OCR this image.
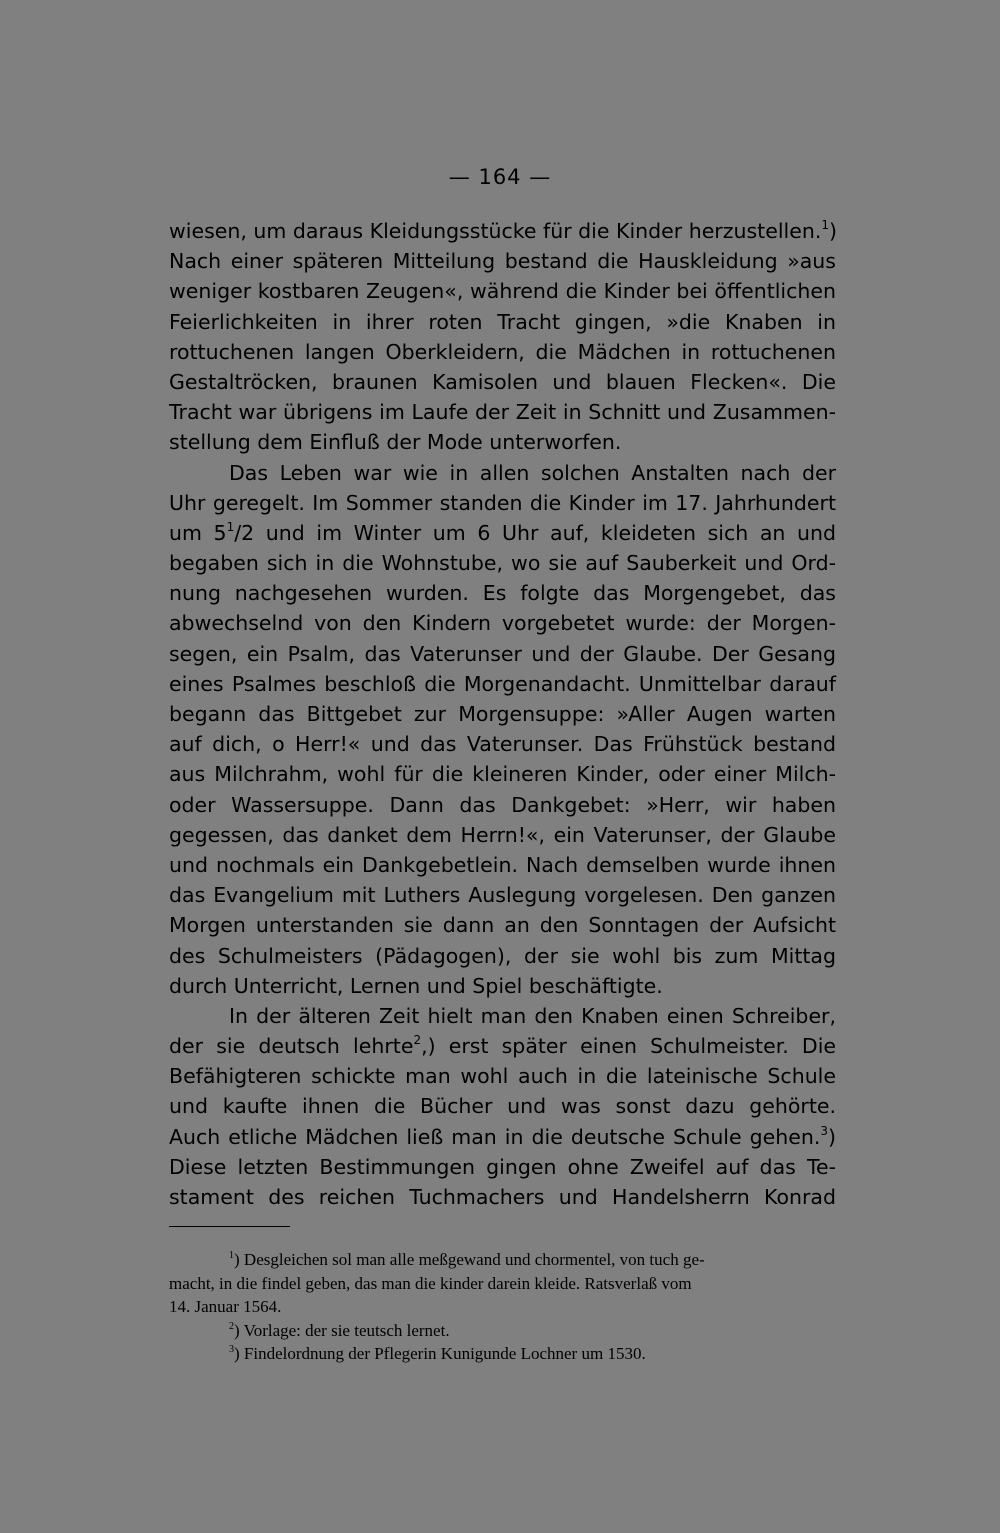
— 164 —
wiesen, um daraus Kleidungsstücke für die Kinder herzustellen.$^1$)
Nach einer späteren Mitteilung bestand die Hauskleidung »aus
weniger kostbaren Zeugen«, während die Kinder bei öffentlichen
Feierlichkeiten in ihrer roten Tracht gingen, »die Knaben in
rottuchenen langen Oberkleidern, die Mädchen in rottuchenen
Gestaltröcken, braunen Kamisolen und blauen Flecken«. Die
Tracht war übrigens im Laufe der Zeit in Schnitt und Zusammen-
stellung dem Einfluß der Mode unterworfen.
Das Leben war wie in allen solchen Anstalten nach der
Uhr geregelt. Im Sommer standen die Kinder im 17. Jahrhundert
um $5^1/2$ und im Winter um 6 Uhr auf, kleideten sich an und
begaben sich in die Wohnstube, wo sie auf Sauberkeit und Ord-
nung nachgesehen wurden. Es folgte das Morgengebet, das
abwechselnd von den Kindern vorgebetet wurde: der Morgen-
segen, ein Psalm, das Vaterunser und der Glaube. Der Gesang
eines Psalmes beschloß die Morgenandacht. Unmittelbar darauf
begann das Bittgebet zur Morgensuppe: »Aller Augen warten
auf dich, o Herr!« und das Vaterunser. Das Frühstück bestand
aus Milchrahm, wohl für die kleineren Kinder, oder einer Milch-
oder Wassersuppe. Dann das Dankgebet: »Herr, wir haben
gegessen, das danket dem Herrn!«, ein Vaterunser, der Glaube
und nochmals ein Dankgebetlein. Nach demselben wurde ihnen
das Evangelium mit Luthers Auslegung vorgelesen. Den ganzen
Morgen unterstanden sie dann an den Sonntagen der Aufsicht
des Schulmeisters (Pädagogen), der sie wohl bis zum Mittag
durch Unterricht, Lernen und Spiel beschäftigte.
In der älteren Zeit hielt man den Knaben einen Schreiber,
der sie deutsch lehrte$^2$,) erst später einen Schulmeister. Die
Befähigteren schickte man wohl auch in die lateinische Schule
und kaufte ihnen die Bücher und was sonst dazu gehörte.
Auch etliche Mädchen ließ man in die deutsche Schule gehen.$^3$)
Diese letzten Bestimmungen gingen ohne Zweifel auf das Te-
stament des reichen Tuchmachers und Handelsherrn Konrad
$^1$) Desgleichen sol man alle meßgewand und chormentel, von tuch ge-
macht, in die findel geben, das man die kinder darein kleide. Ratsverlaß vom
14. Januar 1564.
$^2$) Vorlage: der sie teutsch lernet.
$^3$) Findelordnung der Pflegerin Kunigunde Lochner um 1530.
